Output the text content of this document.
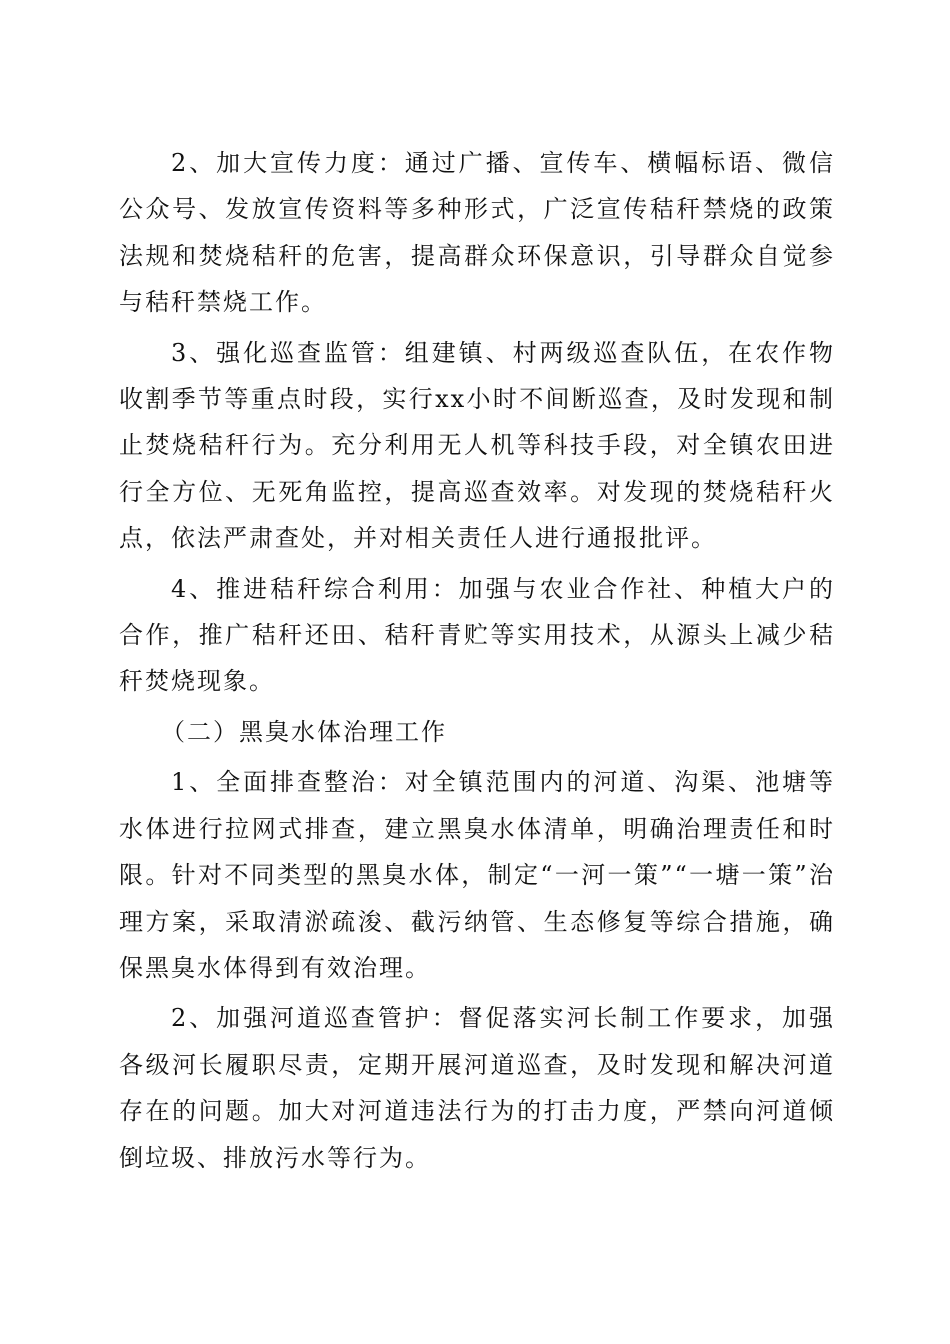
2、加大宣传力度：通过广播、宣传车、横幅标语、微信公众号、发放宣传资料等多种形式，广泛宣传秸秆禁烧的政策法规和焚烧秸秆的危害，提高群众环保意识，引导群众自觉参与秸秆禁烧工作。

3、强化巡查监管：组建镇、村两级巡查队伍，在农作物收割季节等重点时段，实行xx小时不间断巡查，及时发现和制止焚烧秸秆行为。充分利用无人机等科技手段，对全镇农田进行全方位、无死角监控，提高巡查效率。对发现的焚烧秸秆火点，依法严肃查处，并对相关责任人进行通报批评。

4、推进秸秆综合利用：加强与农业合作社、种植大户的合作，推广秸秆还田、秸秆青贮等实用技术，从源头上减少秸秆焚烧现象。

（二）黑臭水体治理工作

1、全面排查整治：对全镇范围内的河道、沟渠、池塘等水体进行拉网式排查，建立黑臭水体清单，明确治理责任和时限。针对不同类型的黑臭水体，制定“一河一策”“一塘一策”治理方案，采取清淤疏浚、截污纳管、生态修复等综合措施，确保黑臭水体得到有效治理。

2、加强河道巡查管护：督促落实河长制工作要求，加强各级河长履职尽责，定期开展河道巡查，及时发现和解决河道存在的问题。加大对河道违法行为的打击力度，严禁向河道倾倒垃圾、排放污水等行为。
